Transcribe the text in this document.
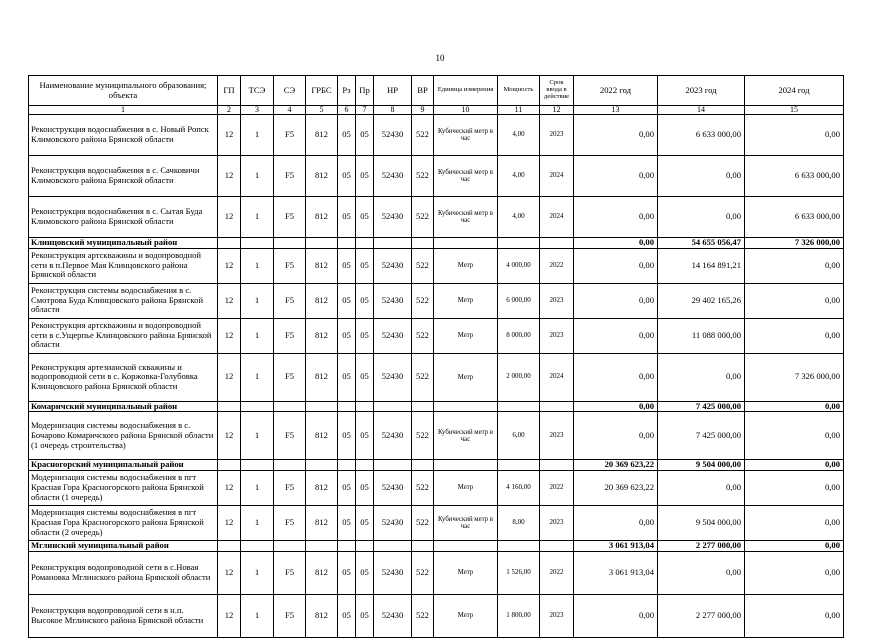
10
Наименование муниципального образования; объекта	ГП	ТСЭ	СЭ	ГРБС	Рз	Пр	НР	ВР	Единица измерения	Мощность	Срок ввода в действие	2022 год	2023 год	2024 год
1	2	3	4	5	6	7	8	9	10	11	12	13	14	15
Реконструкция водоснабжения в с. Новый Ропск Климовского района Брянской области	12	1	F5	812	05	05	52430	522	Кубический метр в час	4,00	2023	0,00	6 633 000,00	0,00
Реконструкция водоснабжения в с. Сачковичи Климовского района Брянской области	12	1	F5	812	05	05	52430	522	Кубический метр в час	4,00	2024	0,00	0,00	6 633 000,00
Реконструкция водоснабжения в с. Сытая Буда Климовского района Брянской области	12	1	F5	812	05	05	52430	522	Кубический метр в час	4,00	2024	0,00	0,00	6 633 000,00
Клинцовский муниципальный район												0,00	54 655 056,47	7 326 000,00
Реконструкция артскважины и водопроводной сети в п.Первое Мая Клинцовского района Брянской области	12	1	F5	812	05	05	52430	522	Метр	4 000,00	2022	0,00	14 164 891,21	0,00
Реконструкция системы водоснабжения в с. Смотрова Буда Клинцовского района Брянской области	12	1	F5	812	05	05	52430	522	Метр	6 000,00	2023	0,00	29 402 165,26	0,00
Реконструкция артскважины и водопроводной сети в с.Ущерпье Клинцовского района Брянской области	12	1	F5	812	05	05	52430	522	Метр	8 000,00	2023	0,00	11 088 000,00	0,00
Реконструкция артезианской скважины и водопроводной сети в с. Коржовка-Голубовка Клинцовского района Брянской области	12	1	F5	812	05	05	52430	522	Метр	2 000,00	2024	0,00	0,00	7 326 000,00
Комаричский муниципальный район												0,00	7 425 000,00	0,00
Модернизация системы водоснабжения в с. Бочарово Комаричского района Брянской области (1 очередь строительства)	12	1	F5	812	05	05	52430	522	Кубический метр в час	6,00	2023	0,00	7 425 000,00	0,00
Красногорский муниципальный район												20 369 623,22	9 504 000,00	0,00
Модернизация системы водоснабжения в пгт Красная Гора Красногорского района Брянской области (1 очередь)	12	1	F5	812	05	05	52430	522	Метр	4 160,00	2022	20 369 623,22	0,00	0,00
Модернизация системы водоснабжения в пгт Красная Гора Красногорского района Брянской области (2 очередь)	12	1	F5	812	05	05	52430	522	Кубический метр в час	8,00	2023	0,00	9 504 000,00	0,00
Мглинский муниципальный район												3 061 913,04	2 277 000,00	0,00
Реконструкция водопроводной сети в с.Новая Романовка Мглинского района Брянской области	12	1	F5	812	05	05	52430	522	Метр	1 526,00	2022	3 061 913,04	0,00	0,00
Реконструкция водопроводной сети в н.п. Высокое Мглинского района Брянской области	12	1	F5	812	05	05	52430	522	Метр	1 800,00	2023	0,00	2 277 000,00	0,00
